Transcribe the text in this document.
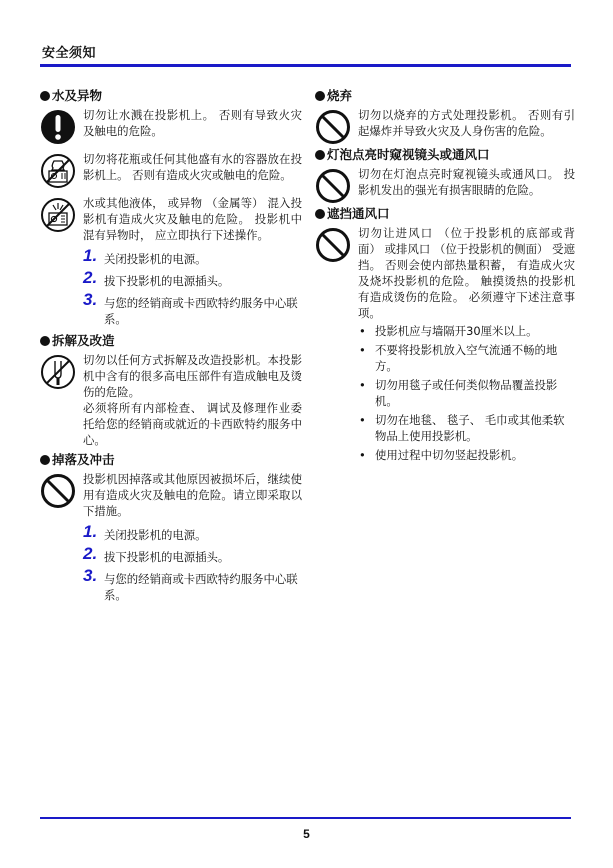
安全须知
水及异物
切勿让水溅在投影机上。 否则有导致火灾及触电的危险。
切勿将花瓶或任何其他盛有水的容器放在投影机上。 否则有造成火灾或触电的危险。
水或其他液体， 或异物 （金属等） 混入投影机有造成火灾及触电的危险。 投影机中混有异物时， 应立即执行下述操作。
1. 关闭投影机的电源。
2. 拔下投影机的电源插头。
3. 与您的经销商或卡西欧特约服务中心联系。
拆解及改造
切勿以任何方式拆解及改造投影机。本投影机中含有的很多高电压部件有造成触电及烫伤的危险。
必须将所有内部检查、 调试及修理作业委托给您的经销商或就近的卡西欧特约服务中心。
掉落及冲击
投影机因掉落或其他原因被损坏后，继续使用有造成火灾及触电的危险。请立即采取以下措施。
1. 关闭投影机的电源。
2. 拔下投影机的电源插头。
3. 与您的经销商或卡西欧特约服务中心联系。
烧弃
切勿以烧弃的方式处理投影机。 否则有引起爆炸并导致火灾及人身伤害的危险。
灯泡点亮时窥视镜头或通风口
切勿在灯泡点亮时窥视镜头或通风口。 投影机发出的强光有损害眼睛的危险。
遮挡通风口
切勿让进风口 （位于投影机的底部或背面） 或排风口 （位于投影机的侧面） 受遮挡。 否则会使内部热量积蓄， 有造成火灾及烧坏投影机的危险。 触摸烫热的投影机有造成烫伤的危险。 必须遵守下述注意事项。
• 投影机应与墙隔开30厘米以上。
• 不要将投影机放入空气流通不畅的地方。
• 切勿用毯子或任何类似物品覆盖投影机。
• 切勿在地毯、 毯子、 毛巾或其他柔软物品上使用投影机。
• 使用过程中切勿竖起投影机。
5
